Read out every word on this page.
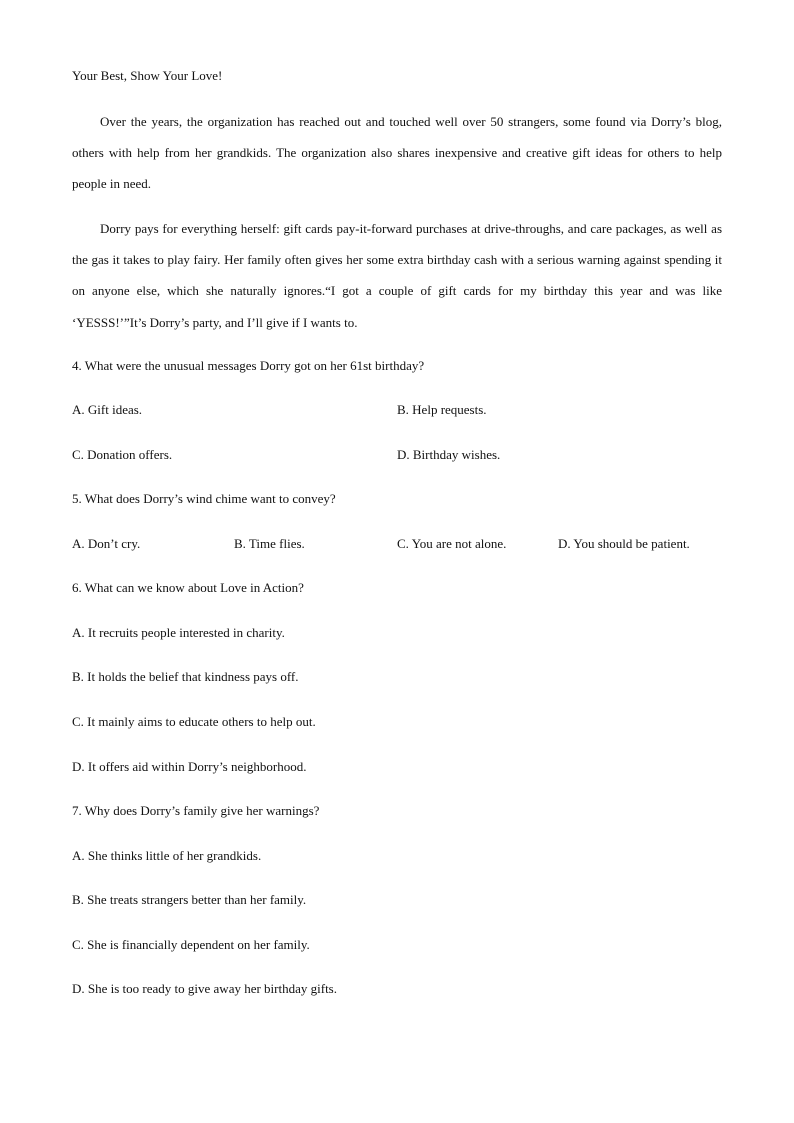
Your Best, Show Your Love!
Over the years, the organization has reached out and touched well over 50 strangers, some found via Dorry’s blog, others with help from her grandkids. The organization also shares inexpensive and creative gift ideas for others to help people in need.
Dorry pays for everything herself: gift cards pay-it-forward purchases at drive-throughs, and care packages, as well as the gas it takes to play fairy. Her family often gives her some extra birthday cash with a serious warning against spending it on anyone else, which she naturally ignores.“I got a couple of gift cards for my birthday this year and was like ‘YESSS!’”It’s Dorry’s party, and I’ll give if I wants to.
4. What were the unusual messages Dorry got on her 61st birthday?
A. Gift ideas.	B. Help requests.
C. Donation offers.	D. Birthday wishes.
5. What does Dorry’s wind chime want to convey?
A. Don’t cry.	B. Time flies.	C. You are not alone.	D. You should be patient.
6. What can we know about Love in Action?
A. It recruits people interested in charity.
B. It holds the belief that kindness pays off.
C. It mainly aims to educate others to help out.
D. It offers aid within Dorry’s neighborhood.
7. Why does Dorry’s family give her warnings?
A. She thinks little of her grandkids.
B. She treats strangers better than her family.
C. She is financially dependent on her family.
D. She is too ready to give away her birthday gifts.
